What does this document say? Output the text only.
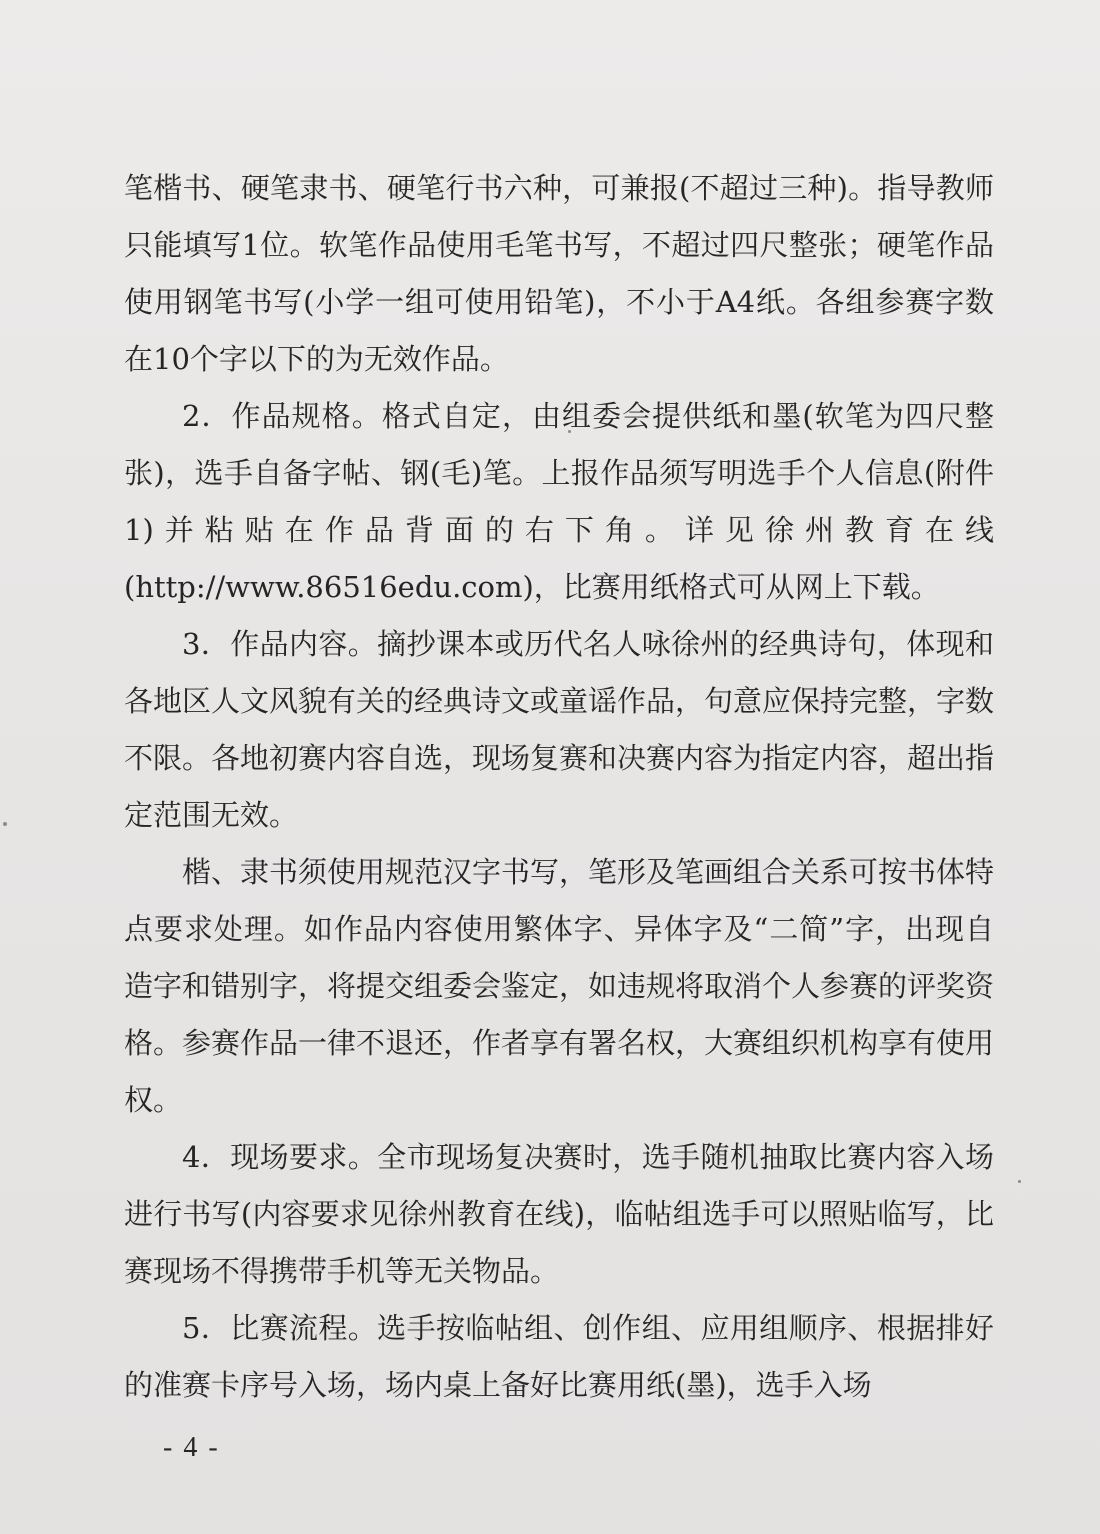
笔楷书、硬笔隶书、硬笔行书六种，可兼报(不超过三种)。指导教师只能填写1位。软笔作品使用毛笔书写，不超过四尺整张；硬笔作品使用钢笔书写(小学一组可使用铅笔)，不小于A4纸。各组参赛字数在10个字以下的为无效作品。

2．作品规格。格式自定，由组委会提供纸和墨(软笔为四尺整张)，选手自备字帖、钢(毛)笔。上报作品须写明选手个人信息(附件 1)并粘贴在作品背面的右下角。详见徐州教育在线(http://www.86516edu.com)，比赛用纸格式可从网上下载。

3．作品内容。摘抄课本或历代名人咏徐州的经典诗句，体现和各地区人文风貌有关的经典诗文或童谣作品，句意应保持完整，字数不限。各地初赛内容自选，现场复赛和决赛内容为指定内容，超出指定范围无效。

楷、隶书须使用规范汉字书写，笔形及笔画组合关系可按书体特点要求处理。如作品内容使用繁体字、异体字及“二简”字，出现自造字和错别字，将提交组委会鉴定，如违规将取消个人参赛的评奖资格。参赛作品一律不退还，作者享有署名权，大赛组织机构享有使用权。

4．现场要求。全市现场复决赛时，选手随机抽取比赛内容入场进行书写(内容要求见徐州教育在线)，临帖组选手可以照贴临写，比赛现场不得携带手机等无关物品。

5．比赛流程。选手按临帖组、创作组、应用组顺序、根据排好的准赛卡序号入场，场内桌上备好比赛用纸(墨)，选手入场

- 4 -
